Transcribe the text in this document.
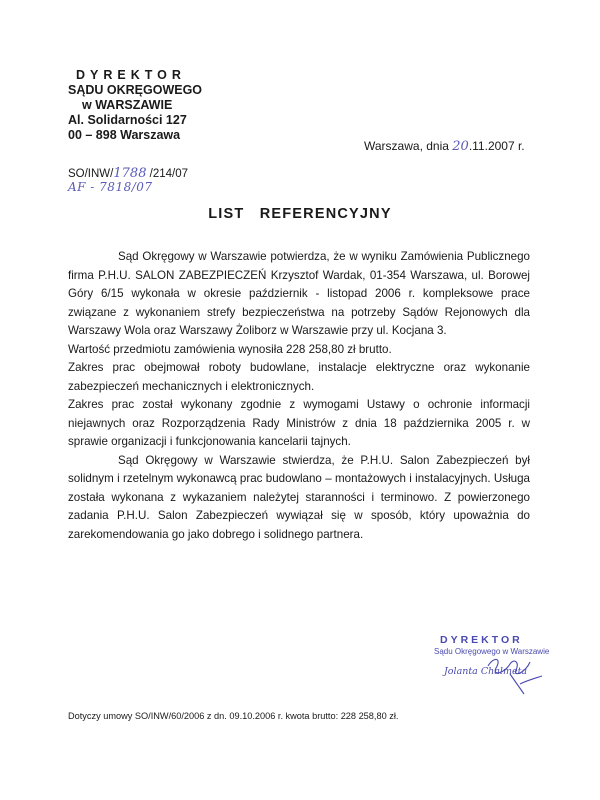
DYREKTOR
SĄDU OKRĘGOWEGO
w WARSZAWIE
Al. Solidarności 127
00 – 898 Warszawa
Warszawa, dnia 20.11.2007 r.
SO/INW/1788 /214/07
AF - 7818/07
LIST REFERENCYJNY

Sąd Okręgowy w Warszawie potwierdza, że w wyniku Zamówienia Publicznego firma P.H.U. SALON ZABEZPIECZEŃ Krzysztof Wardak, 01-354 Warszawa, ul. Borowej Góry 6/15 wykonała w okresie październik - listopad 2006 r. kompleksowe prace związane z wykonaniem strefy bezpieczeństwa na potrzeby Sądów Rejonowych dla Warszawy Wola oraz Warszawy Żoliborz w Warszawie przy ul. Kocjana 3.

Wartość przedmiotu zamówienia wynosiła 228 258,80 zł brutto.

Zakres prac obejmował roboty budowlane, instalacje elektryczne oraz wykonanie zabezpieczeń mechanicznych i elektronicznych.

Zakres prac został wykonany zgodnie z wymogami Ustawy o ochronie informacji niejawnych oraz Rozporządzenia Rady Ministrów z dnia 18 października 2005 r. w sprawie organizacji i funkcjonowania kancelarii tajnych.

Sąd Okręgowy w Warszawie stwierdza, że P.H.U. Salon Zabezpieczeń był solidnym i rzetelnym wykonawcą prac budowlano – montażowych i instalacyjnych. Usługa została wykonana z wykazaniem należytej staranności i terminowo. Z powierzonego zadania P.H.U. Salon Zabezpieczeń wywiązał się w sposób, który upoważnia do zarekomendowania go jako dobrego i solidnego partnera.

DYREKTOR
Sądu Okręgowego w Warszawie
Jolanta Chalmeta
Dotyczy umowy SO/INW/60/2006 z dn. 09.10.2006 r. kwota brutto: 228 258,80 zł.
